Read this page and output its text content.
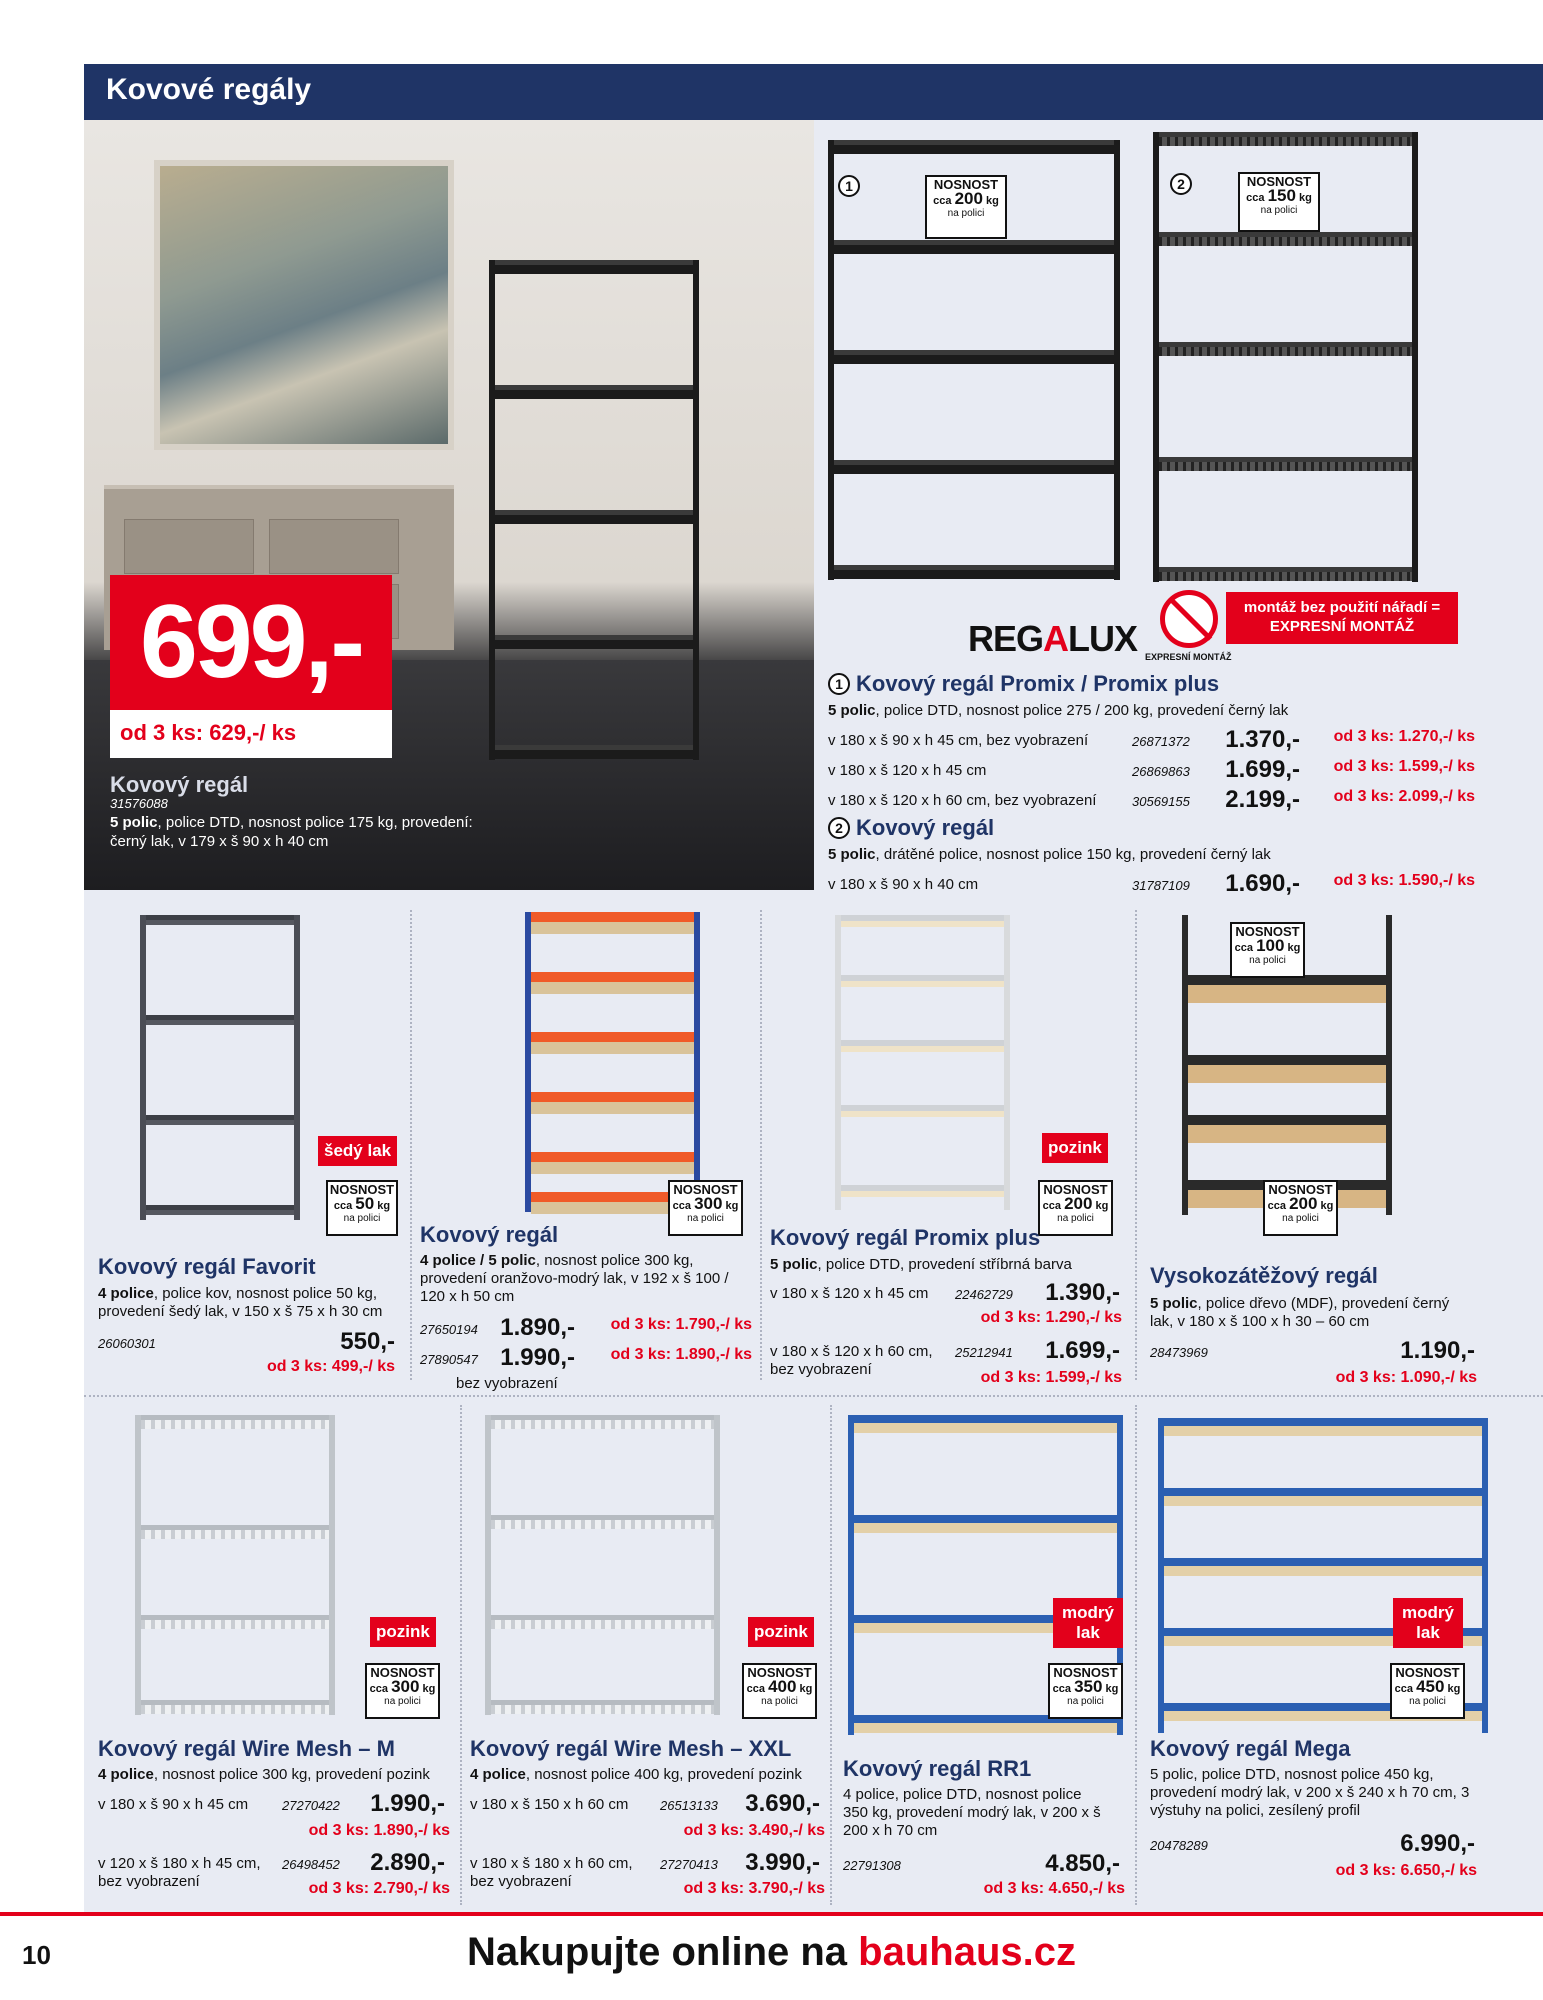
Kovové regály
699,-
od 3 ks: 629,-/ ks
Kovový regál
31576088
5 polic, police DTD, nosnost police 175 kg, provedení: černý lak, v 179 x š 90 x h 40 cm
1	NOSNOST
cca 200 kg
na polici
2	NOSNOST
cca 150 kg
na polici
REGALUX
montáž bez použití nářadí = EXPRESNÍ MONTÁŽ
EXPRESNÍ MONTÁŽ
1 Kovový regál Promix / Promix plus
5 polic, police DTD, nosnost police 275 / 200 kg, provedení černý lak
v 180 x š 90 x h 45 cm, bez vyobrazení	26871372	1.370,-	od 3 ks: 1.270,-/ ks
v 180 x š 120 x h 45 cm	26869863	1.699,-	od 3 ks: 1.599,-/ ks
v 180 x š 120 x h 60 cm, bez vyobrazení	30569155	2.199,-	od 3 ks: 2.099,-/ ks
2 Kovový regál
5 polic, drátěné police, nosnost police 150 kg, provedení černý lak
v 180 x š 90 x h 40 cm	31787109	1.690,-	od 3 ks: 1.590,-/ ks
šedý lak
NOSNOST
cca 50 kg
na polici
Kovový regál Favorit
4 police, police kov, nosnost police 50 kg, provedení šedý lak, v 150 x š 75 x h 30 cm
26060301	550,-
od 3 ks: 499,-/ ks
NOSNOST
cca 300 kg
na polici
Kovový regál
4 police / 5 polic, nosnost police 300 kg, provedení oranžovo-modrý lak, v 192 x š 100 / 120 x h 50 cm
27650194 1.890,-	od 3 ks: 1.790,-/ ks
27890547 1.990,-	od 3 ks: 1.890,-/ ks
bez vyobrazení
pozink
NOSNOST
cca 200 kg
na polici
Kovový regál Promix plus
5 polic, police DTD, provedení stříbrná barva
v 180 x š 120 x h 45 cm 22462729	1.390,-
od 3 ks: 1.290,-/ ks
v 180 x š 120 x h 60 cm, bez vyobrazení
25212941	1.699,-
od 3 ks: 1.599,-/ ks
NOSNOST
cca 100 kg
na polici
NOSNOST
cca 200 kg
na polici
Vysokozátěžový regál
5 polic, police dřevo (MDF), provedení černý lak, v 180 x š 100 x h 30 – 60 cm
28473969	1.190,-
od 3 ks: 1.090,-/ ks
pozink
NOSNOST
cca 300 kg
na polici
Kovový regál Wire Mesh – M
4 police, nosnost police 300 kg, provedení pozink
v 180 x š 90 x h 45 cm	27270422	1.990,-
od 3 ks: 1.890,-/ ks
v 120 x š 180 x h 45 cm, bez vyobrazení
26498452	2.890,-
od 3 ks: 2.790,-/ ks
pozink
NOSNOST
cca 400 kg
na polici
Kovový regál Wire Mesh – XXL
4 police, nosnost police 400 kg, provedení pozink
v 180 x š 150 x h 60 cm 26513133	3.690,-
od 3 ks: 3.490,-/ ks
v 180 x š 180 x h 60 cm, bez vyobrazení
27270413	3.990,-
od 3 ks: 3.790,-/ ks
modrý lak
NOSNOST
cca 350 kg
na polici
Kovový regál RR1
4 police, police DTD, nosnost police 350 kg, provedení modrý lak, v 200 x š 200 x h 70 cm
22791308	4.850,-
od 3 ks: 4.650,-/ ks
modrý lak
NOSNOST
cca 450 kg
na polici
Kovový regál Mega
5 polic, police DTD, nosnost police 450 kg, provedení modrý lak, v 200 x š 240 x h 70 cm, 3 výstuhy na polici, zesílený profil
20478289	6.990,-
od 3 ks: 6.650,-/ ks
10	Nakupujte online na bauhaus.cz
